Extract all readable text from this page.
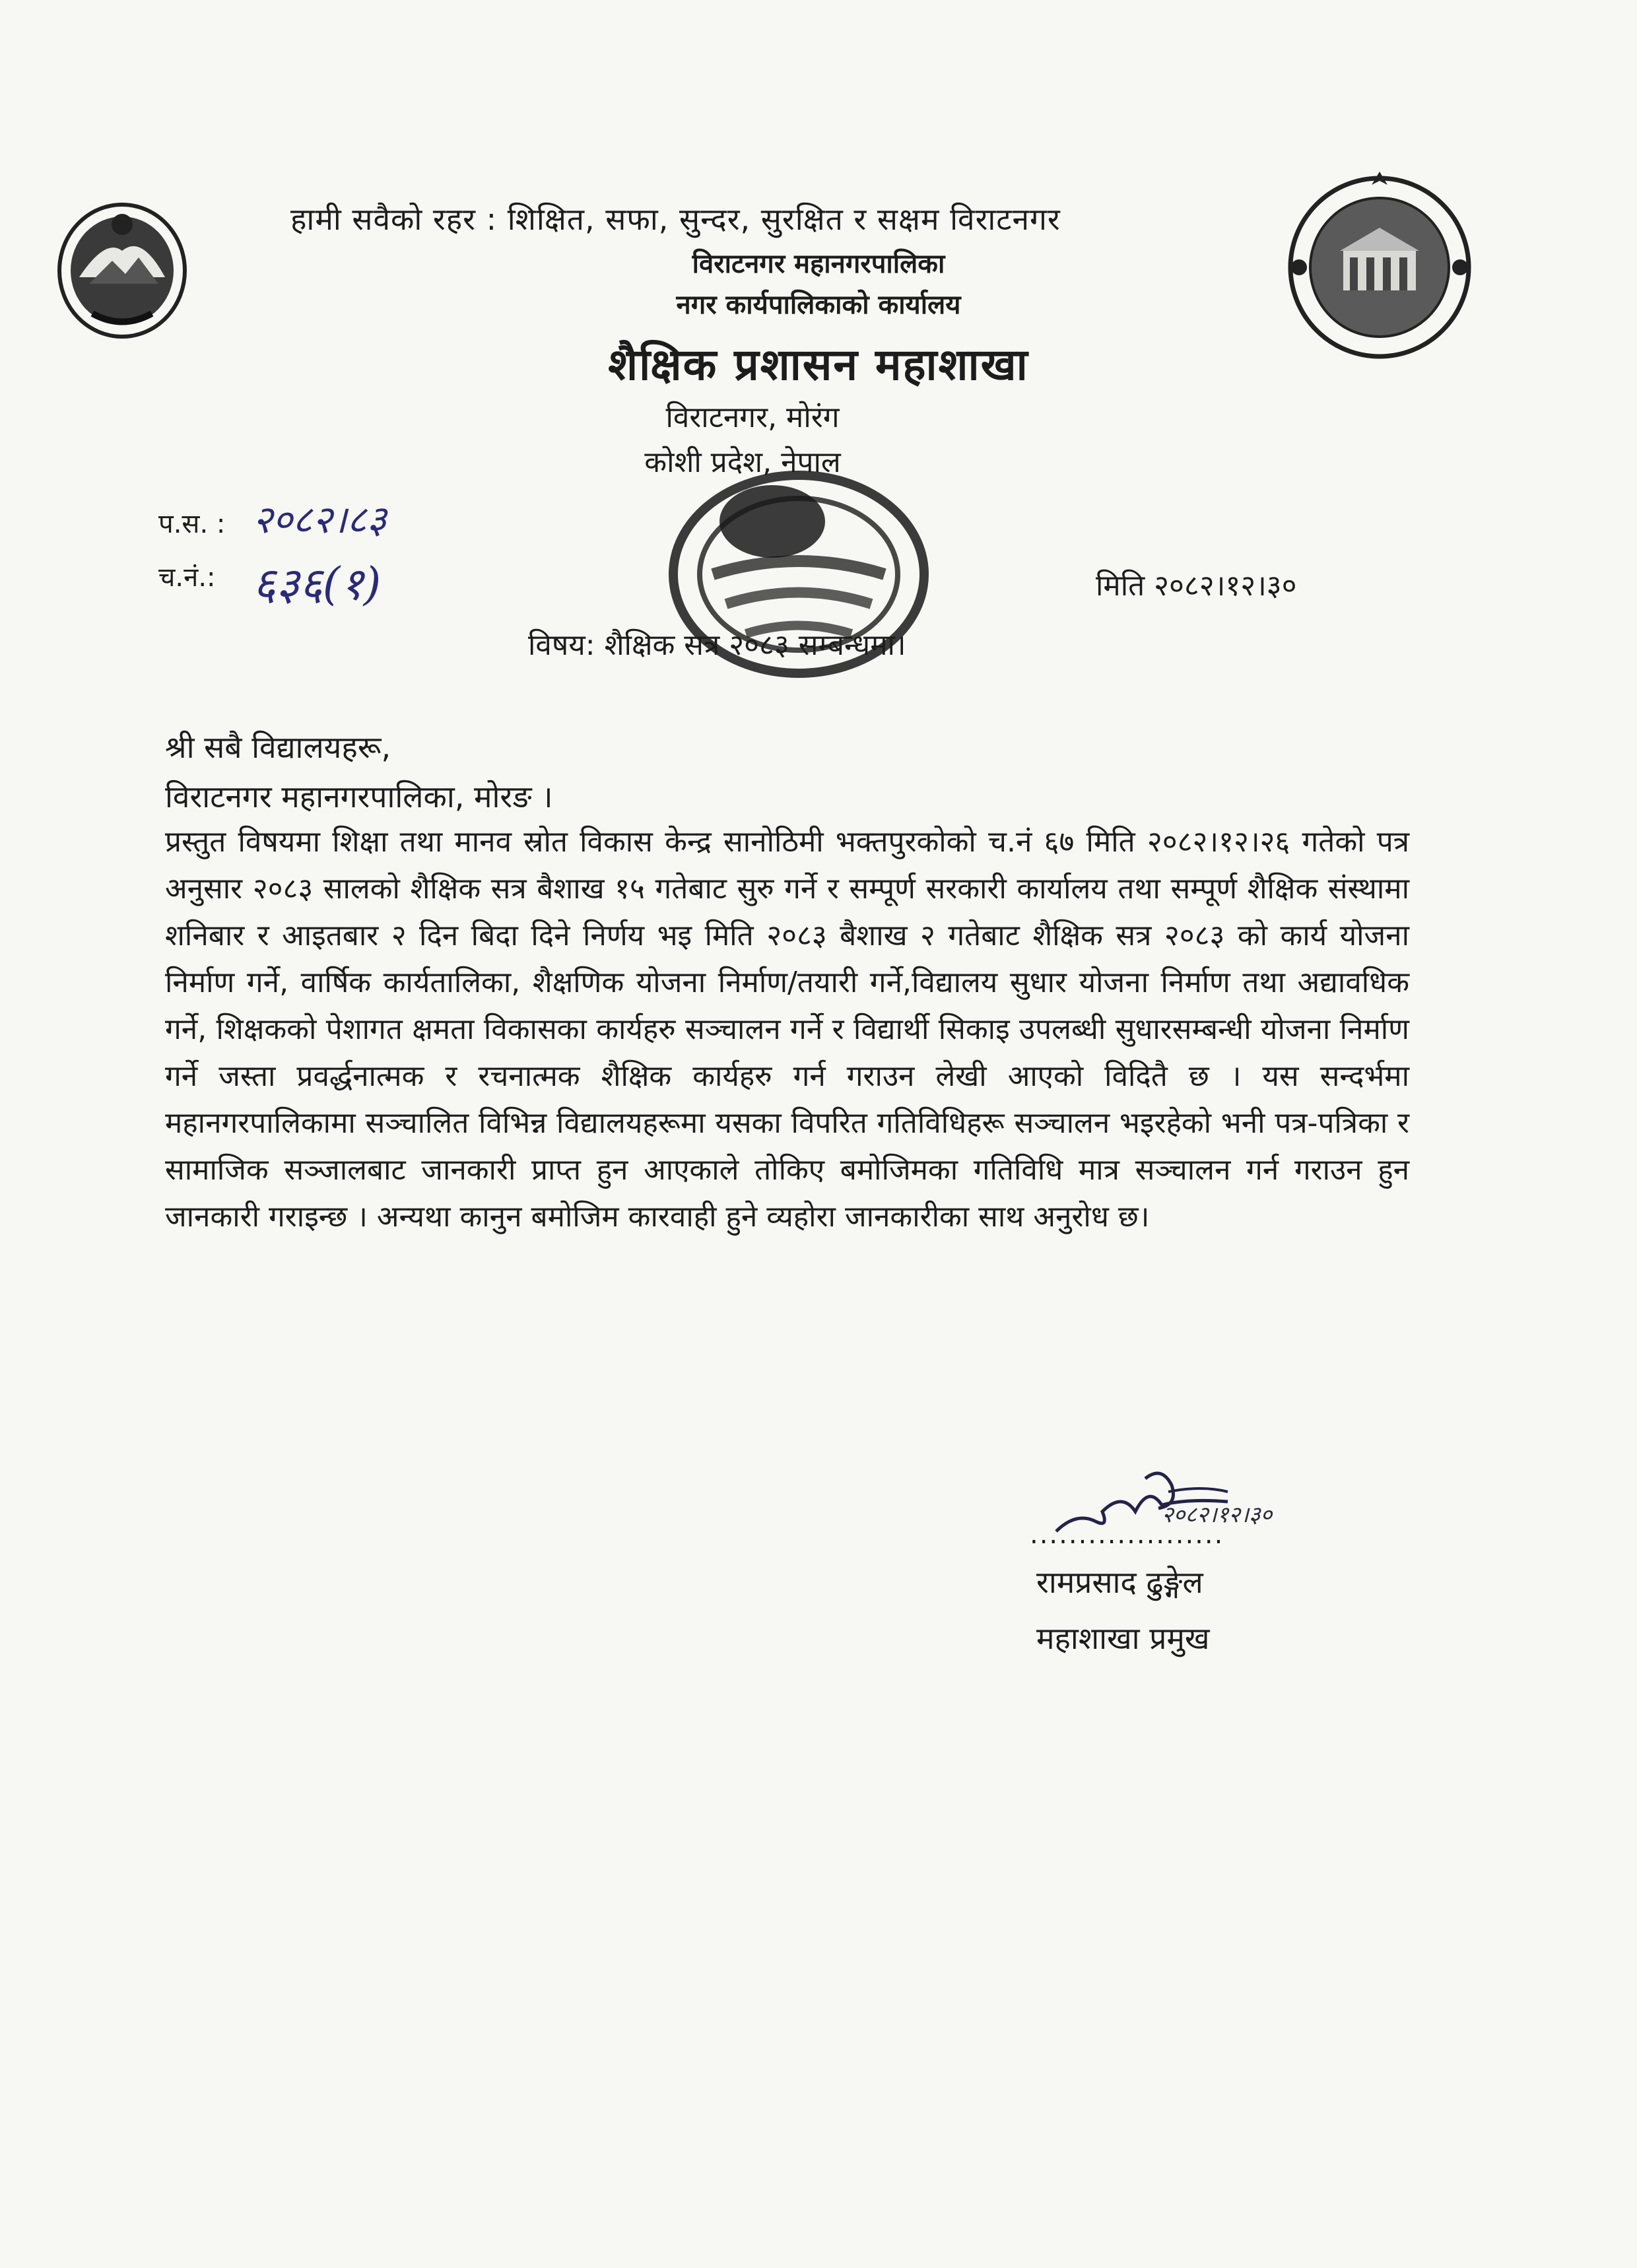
हामी सवैको रहर : शिक्षित, सफा, सुन्दर, सुरक्षित र सक्षम विराटनगर
विराटनगर महानगरपालिका
नगर कार्यपालिकाको कार्यालय
शैक्षिक प्रशासन महाशाखा
विराटनगर, मोरंग
कोशी प्रदेश, नेपाल
प.स. : २०८२।८३
च.नं.: ६३६(१)	मिति २०८२।१२।३०
विषय: शैक्षिक सत्र २०८३ सम्बन्धमा।
श्री सबै विद्यालयहरू,
विराटनगर महानगरपालिका, मोरङ ।
प्रस्तुत विषयमा शिक्षा तथा मानव स्रोत विकास केन्द्र सानोठिमी भक्तपुरकोको च.नं ६७ मिति २०८२।१२।२६ गतेको पत्र अनुसार २०८३ सालको शैक्षिक सत्र बैशाख १५ गतेबाट सुरु गर्ने र सम्पूर्ण सरकारी कार्यालय तथा सम्पूर्ण शैक्षिक संस्थामा शनिबार र आइतबार २ दिन बिदा दिने निर्णय भइ मिति २०८३ बैशाख २ गतेबाट शैक्षिक सत्र २०८३ को कार्य योजना निर्माण गर्ने, वार्षिक कार्यतालिका, शैक्षणिक योजना निर्माण/तयारी गर्ने,विद्यालय सुधार योजना निर्माण तथा अद्यावधिक गर्ने, शिक्षकको पेशागत क्षमता विकासका कार्यहरु सञ्चालन गर्ने र विद्यार्थी सिकाइ उपलब्धी सुधारसम्बन्धी योजना निर्माण गर्ने जस्ता प्रवर्द्धनात्मक र रचनात्मक शैक्षिक कार्यहरु गर्न गराउन लेखी आएको विदितै छ । यस सन्दर्भमा महानगरपालिकामा सञ्चालित विभिन्न विद्यालयहरूमा यसका विपरित गतिविधिहरू सञ्चालन भइरहेको भनी पत्र-पत्रिका र सामाजिक सञ्जालबाट जानकारी प्राप्त हुन आएकाले तोकिए बमोजिमका गतिविधि मात्र सञ्चालन गर्न गराउन हुन जानकारी गराइन्छ । अन्यथा कानुन बमोजिम कारवाही हुने व्यहोरा जानकारीका साथ अनुरोध छ।
२०८२।१२।३०
....................
रामप्रसाद ढुङ्गेल
महाशाखा प्रमुख
